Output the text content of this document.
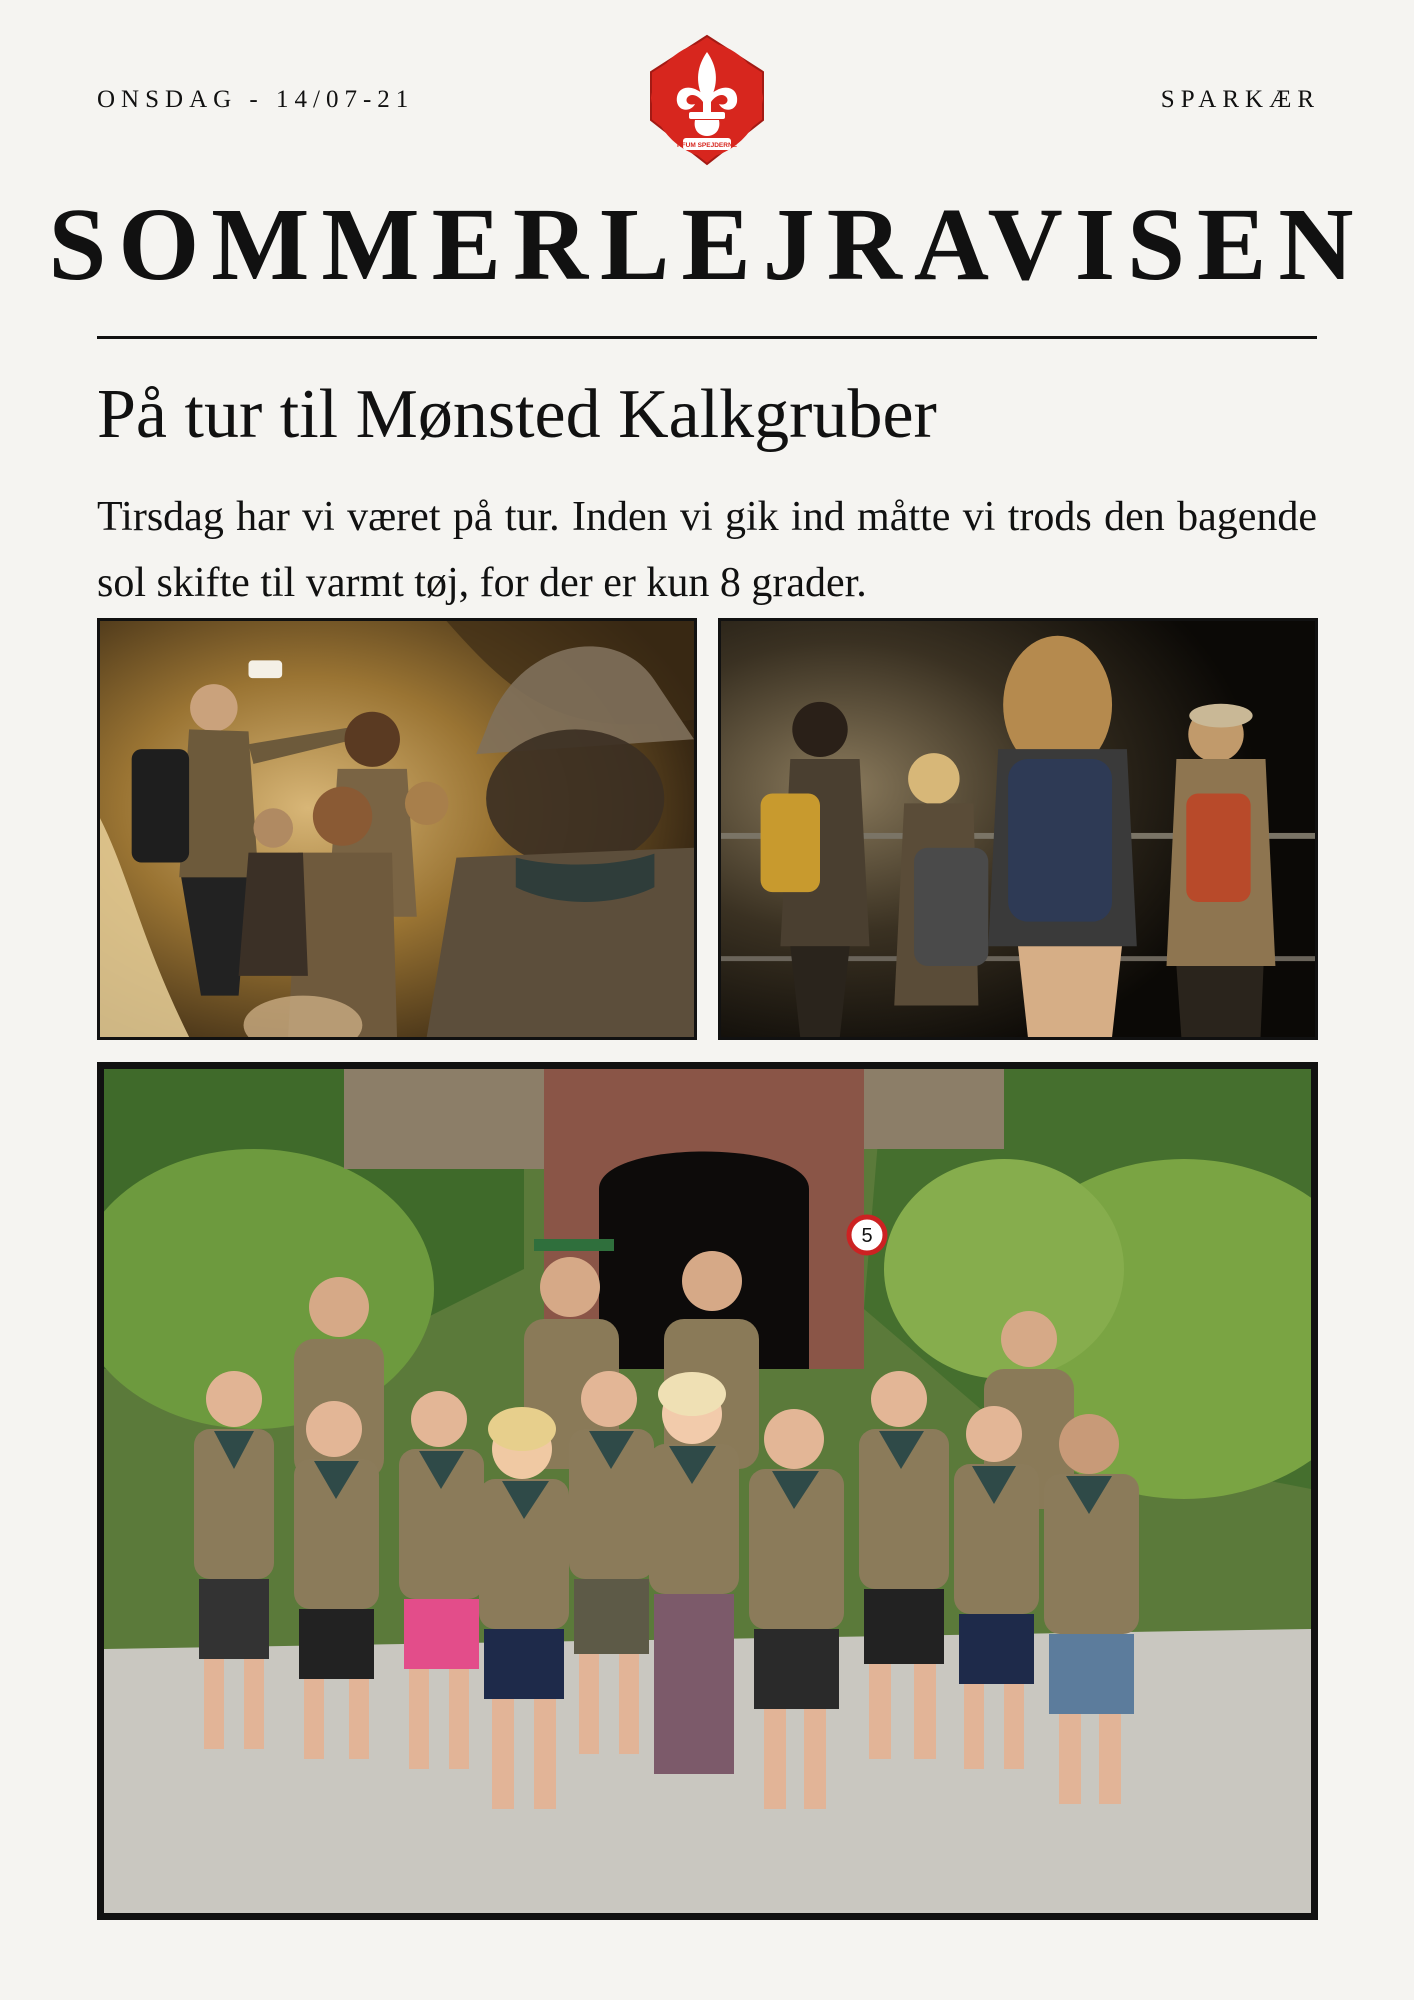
ONSDAG - 14/07-21
KFUM SPEJDERNE
SPARKÆR
SOMMERLEJRAVISEN
På tur til Mønsted Kalkgruber
Tirsdag har vi været på tur. Inden vi gik ind måtte vi trods den bagende sol skifte til varmt tøj, for der er kun 8 grader.
5
